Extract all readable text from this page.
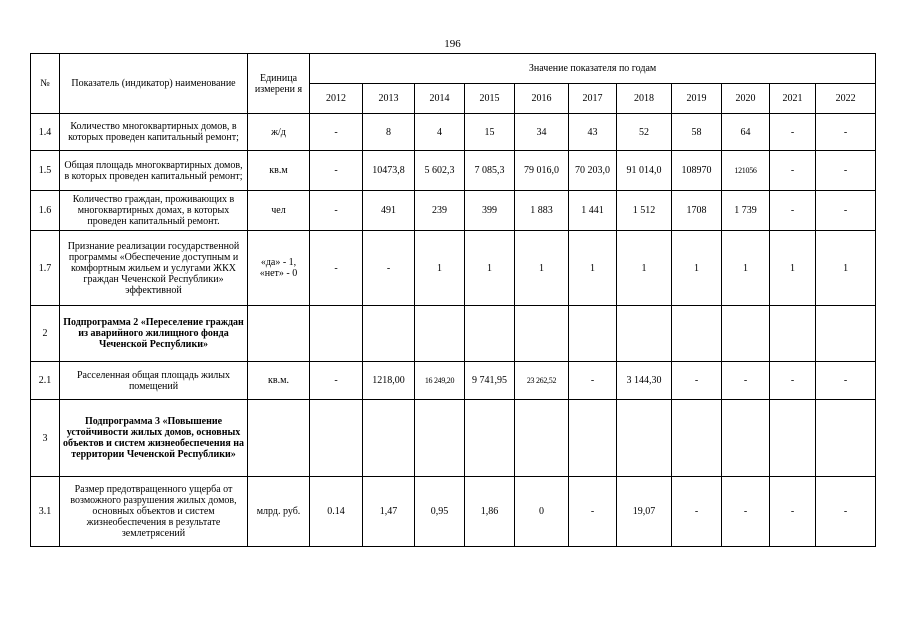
196
№	Показатель (индикатор) наименование	Единица измерени я	Значение показателя по годам										
			2012	2013	2014	2015	2016	2017	2018	2019	2020	2021	2022
1.4	Количество многоквартирных домов, в которых проведен капитальный ремонт;	ж/д	-	8	4	15	34	43	52	58	64	-	-
1.5	Общая площадь многоквартирных домов, в которых проведен капитальный ремонт;	кв.м	-	10473,8	5 602,3	7 085,3	79 016,0	70 203,0	91 014,0	108970	121056	-	-
1.6	Количество граждан, проживающих в многоквартирных домах, в которых проведен капитальный ремонт.	чел	-	491	239	399	1 883	1 441	1 512	1708	1 739	-	-
1.7	Признание реализации государственной программы «Обеспечение доступным и комфортным жильем и услугами ЖКХ граждан Чеченской Республики» эффективной	«да» - 1, «нет» - 0	-	-	1	1	1	1	1	1	1	1	1
2	Подпрограмма 2 «Переселение граждан из аварийного жилищного фонда Чеченской Республики»												
2.1	Расселенная общая площадь жилых помещений	кв.м.	-	1218,00	16 249,20	9 741,95	23 262,52	-	3 144,30	-	-	-	-
3	Подпрограмма 3 «Повышение устойчивости жилых домов, основных объектов и систем жизнеобеспечения на территории Чеченской Республики»												
3.1	Размер предотвращенного ущерба от возможного разрушения жилых домов, основных объектов и систем жизнеобеспечения в результате землетрясений	млрд. руб.	0.14	1,47	0,95	1,86	0	-	19,07	-	-	-	-
